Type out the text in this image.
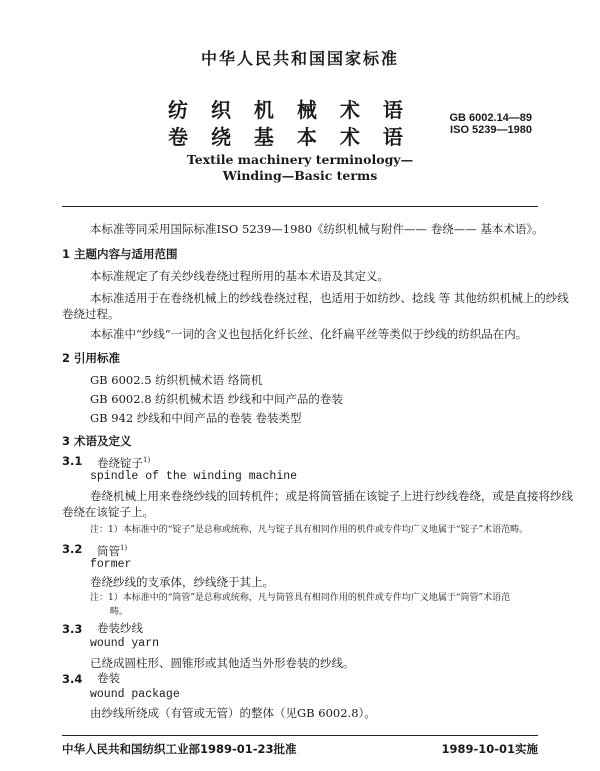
中华人民共和国国家标准
纺 织 机 械 术 语
卷 绕 基 本 术 语
GB 6002.14—89
ISO 5239—1980
Textile machinery terminology—
Winding—Basic terms
本标准等同采用国际标准ISO 5239—1980《纺织机械与附件—— 卷绕—— 基本术语》。
1 主题内容与适用范围
本标准规定了有关纱线卷绕过程所用的基本术语及其定义。
本标准适用于在卷绕机械上的纱线卷绕过程，也适用于如纺纱、捻线 等 其他纺织机械上的纱线
卷绕过程。
本标准中“纱线”一词的含义也包括化纤长丝、化纤扁平丝等类似于纱线的纺织品在内。
2 引用标准
GB 6002.5 纺织机械术语 络筒机
GB 6002.8 纺织机械术语 纱线和中间产品的卷装
GB 942 纱线和中间产品的卷装 卷装类型
3 术语及定义
3.1 卷绕锭子$^{1)}$
spindle of the winding machine
卷绕机械上用来卷绕纱线的回转机件；或是将筒管插在该锭子上进行纱线卷绕，或是直接将纱线
卷绕在该锭子上。
注：1）本标准中的“锭子”是总称或统称，凡与锭子具有相同作用的机件或专件均广义地属于“锭子”术语范畴。
3.2 筒管$^{1)}$
former
卷绕纱线的支承体，纱线绕于其上。
注：1）本标准中的“筒管”是总称或统称，凡与筒管具有相同作用的机件或专件均广义地属于“筒管”术语范
畴。
3.3 卷装纱线
wound yarn
已绕成圆柱形、圆锥形或其他适当外形卷装的纱线。
3.4 卷装
wound package
由纱线所绕成（有管或无管）的整体（见GB 6002.8）。
中华人民共和国纺织工业部1989-01-23批准	1989-10-01实施
